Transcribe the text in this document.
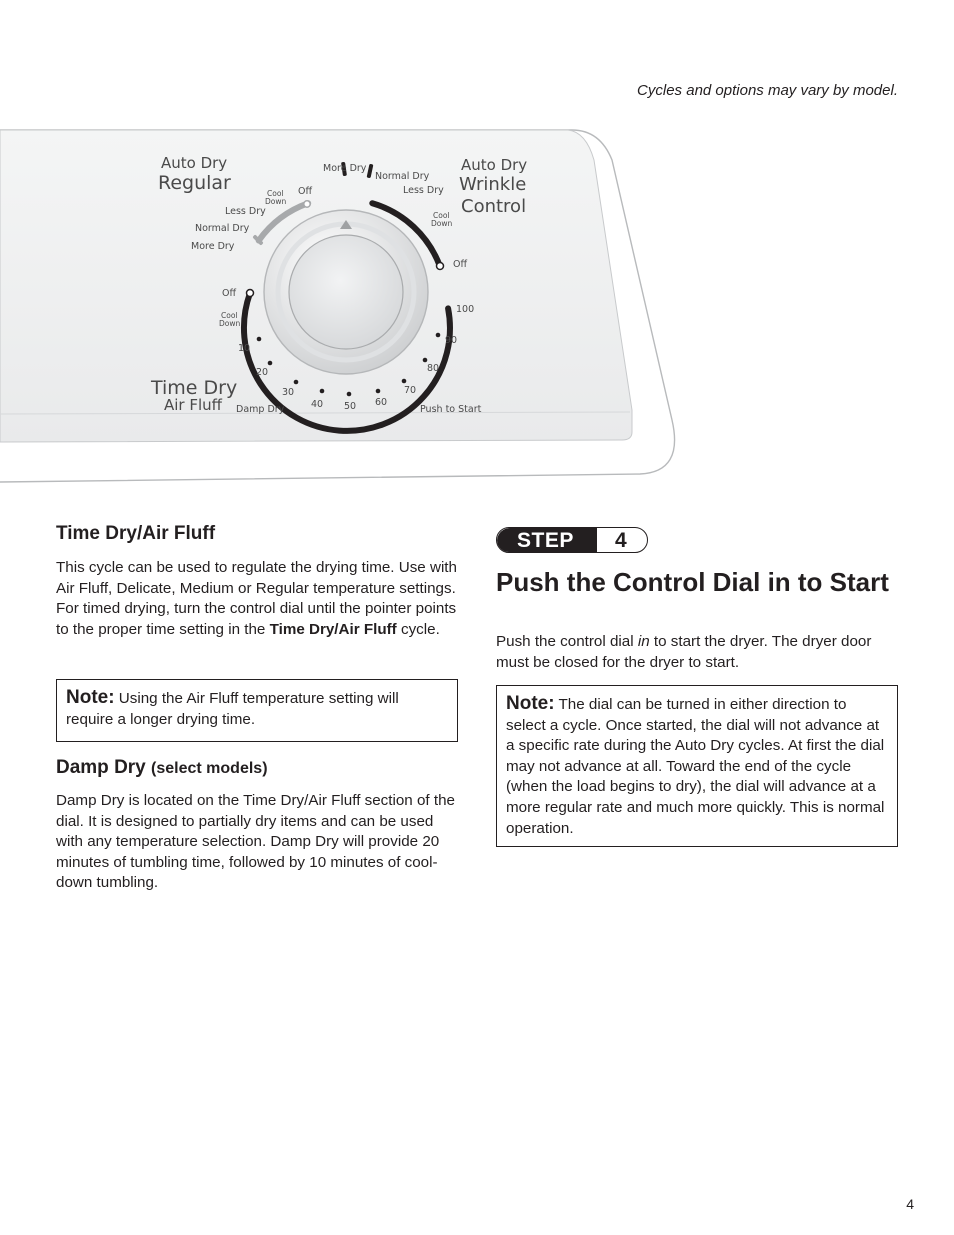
Cycles and options may vary by model.
Auto Dry
Regular
Auto Dry
Wrinkle
Control
Time Dry
Air Fluff
More Dry
Normal Dry
Less Dry
Cool
Down
Off
More Dry
Normal Dry
Less Dry
Cool
Down
Off
Off
Cool
Down
10
20
30
Damp Dry	40 50 60
70
80
90
100
Push to Start
Time Dry/Air Fluff

This cycle can be used to regulate the drying time. Use with Air Fluff, Delicate, Medium or Regular temperature settings. For timed drying, turn the control dial until the pointer points to the proper time setting in the Time Dry/Air Fluff cycle.

Note: Using the Air Fluff temperature setting will require a longer drying time.
Damp Dry (select models)

Damp Dry is located on the Time Dry/Air Fluff section of the dial. It is designed to partially dry items and can be used with any temperature selection. Damp Dry will provide 20 minutes of tumbling time, followed by 10 minutes of cool-down tumbling.

STEP 4
Push the Control Dial in to Start

Push the control dial in to start the dryer. The dryer door must be closed for the dryer to start.

Note: The dial can be turned in either direction to select a cycle. Once started, the dial will not advance at a specific rate during the Auto Dry cycles. At first the dial may not advance at all. Toward the end of the cycle (when the load begins to dry), the dial will advance at a more regular rate and much more quickly. This is normal operation.
4
